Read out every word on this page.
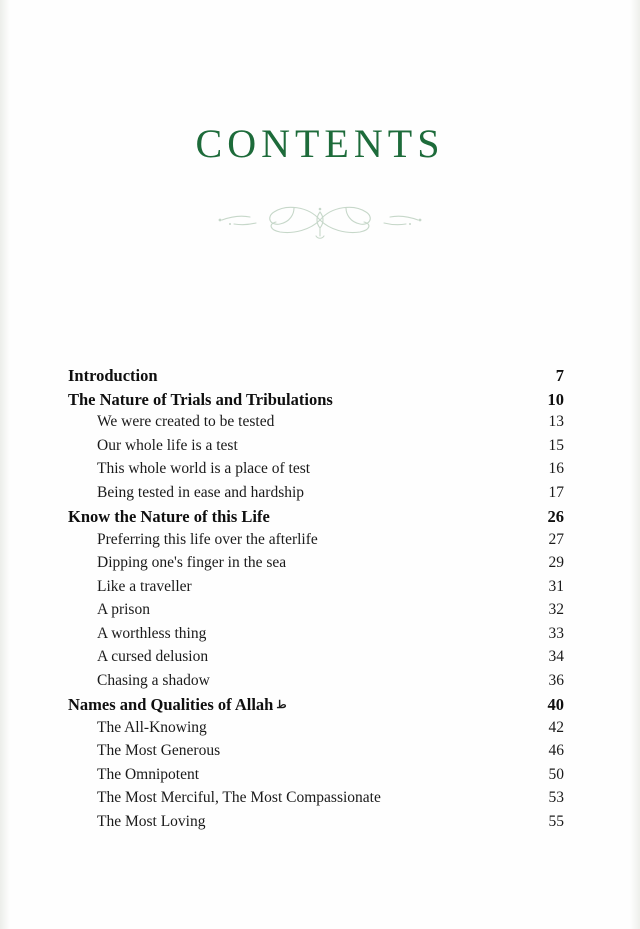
CONTENTS
Introduction	7
The Nature of Trials and Tribulations	10
We were created to be tested	13
Our whole life is a test	15
This whole world is a place of test	16
Being tested in ease and hardship	17
Know the Nature of this Life	26
Preferring this life over the afterlife	27
Dipping one's finger in the sea	29
Like a traveller	31
A prison	32
A worthless thing	33
A cursed delusion	34
Chasing a shadow	36
Names and Qualities of Allah ط	40
The All-Knowing	42
The Most Generous	46
The Omnipotent	50
The Most Merciful, The Most Compassionate	53
The Most Loving	55
